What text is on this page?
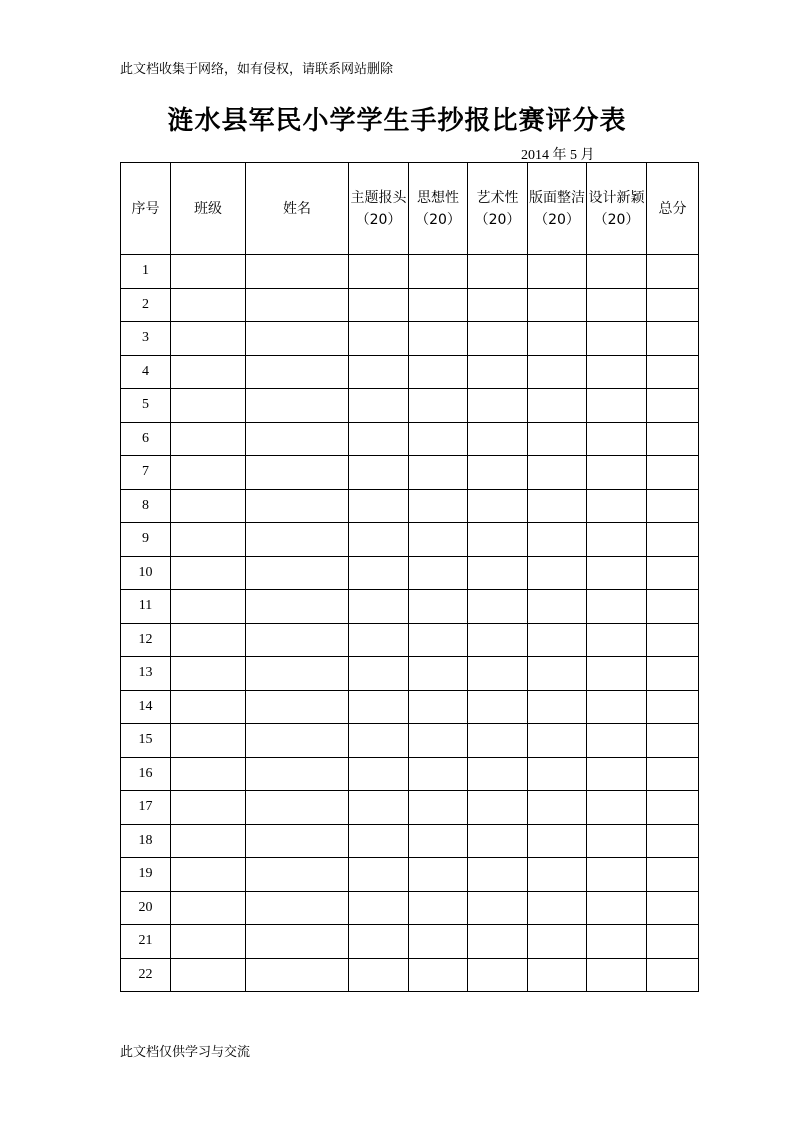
此文档收集于网络，如有侵权，请联系网站删除
涟水县军民小学学生手抄报比赛评分表
2014 年 5 月
序号	班级	姓名	主题报头（20）	思想性（20）	艺术性（20）	版面整洁（20）	设计新颖（20）	总分
1								
2								
3								
4								
5								
6								
7								
8								
9								
10								
11								
12								
13								
14								
15								
16								
17								
18								
19								
20								
21								
22								
此文档仅供学习与交流
